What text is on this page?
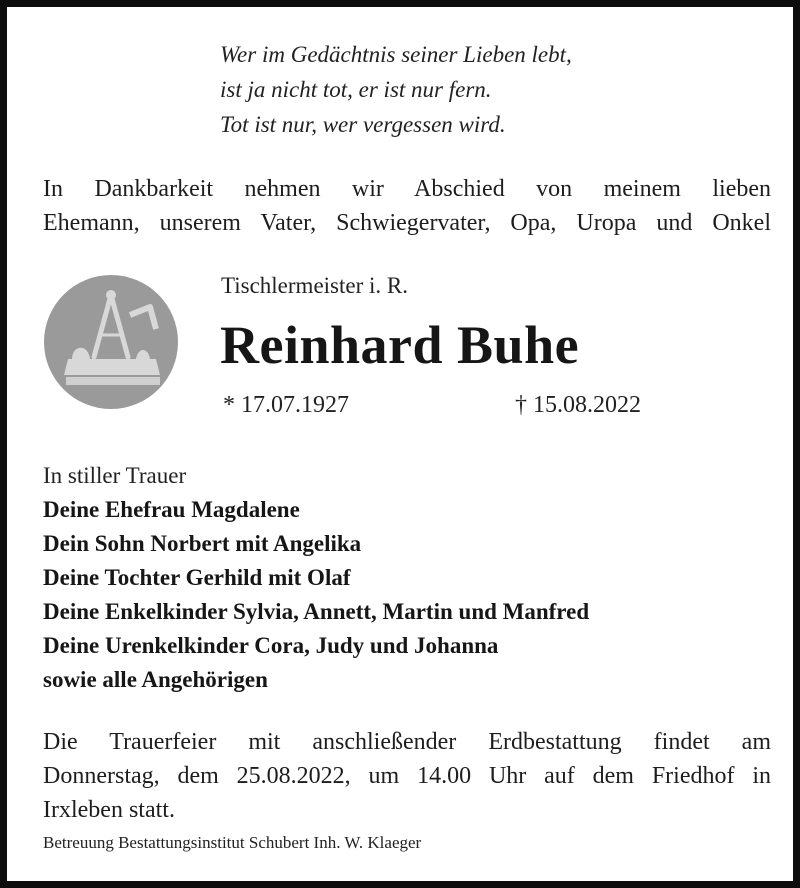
Wer im Gedächtnis seiner Lieben lebt,
ist ja nicht tot, er ist nur fern.
Tot ist nur, wer vergessen wird.
In Dankbarkeit nehmen wir Abschied von meinem lieben
Ehemann, unserem Vater, Schwiegervater, Opa, Uropa und Onkel
Tischlermeister i. R.
Reinhard Buhe
* 17.07.1927	† 15.08.2022
In stiller Trauer
Deine Ehefrau Magdalene
Dein Sohn Norbert mit Angelika
Deine Tochter Gerhild mit Olaf
Deine Enkelkinder Sylvia, Annett, Martin und Manfred
Deine Urenkelkinder Cora, Judy und Johanna
sowie alle Angehörigen
Die Trauerfeier mit anschließender Erdbestattung findet am
Donnerstag, dem 25.08.2022, um 14.00 Uhr auf dem Friedhof in
Irxleben statt.
Betreuung Bestattungsinstitut Schubert Inh. W. Klaeger
